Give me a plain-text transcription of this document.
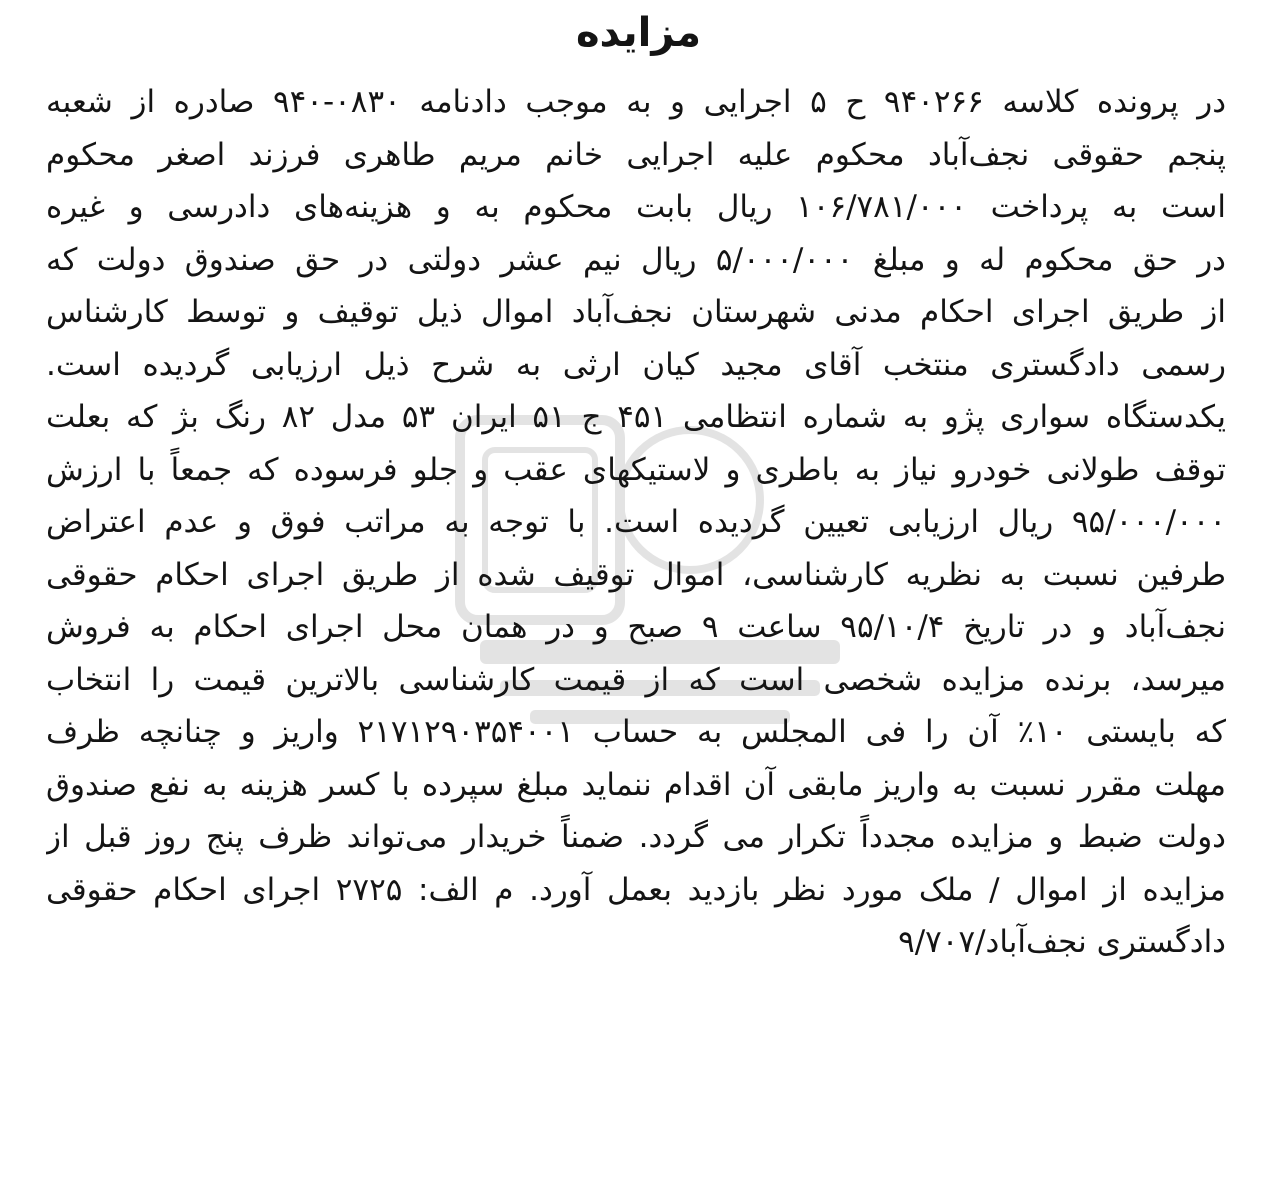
مزایده
در پرونده کلاسه ۹۴۰۲۶۶ ح ۵ اجرایی و به موجب دادنامه ۰۸۳۰-۹۴۰ صادره از شعبه
پنجم حقوقی نجف‌آباد محکوم علیه اجرایی خانم مریم طاهری فرزند اصغر محکوم
است به پرداخت ۱۰۶/۷۸۱/۰۰۰ ریال بابت محکوم به و هزینه‌های دادرسی و غیره
در حق محکوم له و مبلغ ۵/۰۰۰/۰۰۰ ریال نیم عشر دولتی در حق صندوق دولت که
از طریق اجرای احکام مدنی شهرستان نجف‌آباد اموال ذیل توقیف و توسط کارشناس
رسمی دادگستری منتخب آقای مجید کیان ارثی به شرح ذیل ارزیابی گردیده است.
یکدستگاه سواری پژو به شماره انتظامی ۴۵۱ ج ۵۱ ایران ۵۳ مدل ۸۲ رنگ بژ که بعلت
توقف طولانی خودرو نیاز به باطری و لاستیکهای عقب و جلو فرسوده که جمعاً با ارزش
۹۵/۰۰۰/۰۰۰ ریال ارزیابی تعیین گردیده است. با توجه به مراتب فوق و عدم اعتراض
طرفین نسبت به نظریه کارشناسی، اموال توقیف شده از طریق اجرای احکام حقوقی
نجف‌آباد و در تاریخ ۹۵/۱۰/۴ ساعت ۹ صبح و در همان محل اجرای احکام به فروش
میرسد، برنده مزایده شخصی است که از قیمت کارشناسی بالاترین قیمت را انتخاب
که بایستی ۱۰٪ آن را فی المجلس به حساب ۲۱۷۱۲۹۰۳۵۴۰۰۱ واریز و چنانچه ظرف
مهلت مقرر نسبت به واریز مابقی آن اقدام ننماید مبلغ سپرده با کسر هزینه به نفع صندوق
دولت ضبط و مزایده مجدداً تکرار می گردد. ضمناً خریدار می‌تواند ظرف پنج روز قبل از
مزایده از اموال / ملک مورد نظر بازدید بعمل آورد. م الف: ۲۷۲۵ اجرای احکام حقوقی
دادگستری نجف‌آباد/۹/۷۰۷
